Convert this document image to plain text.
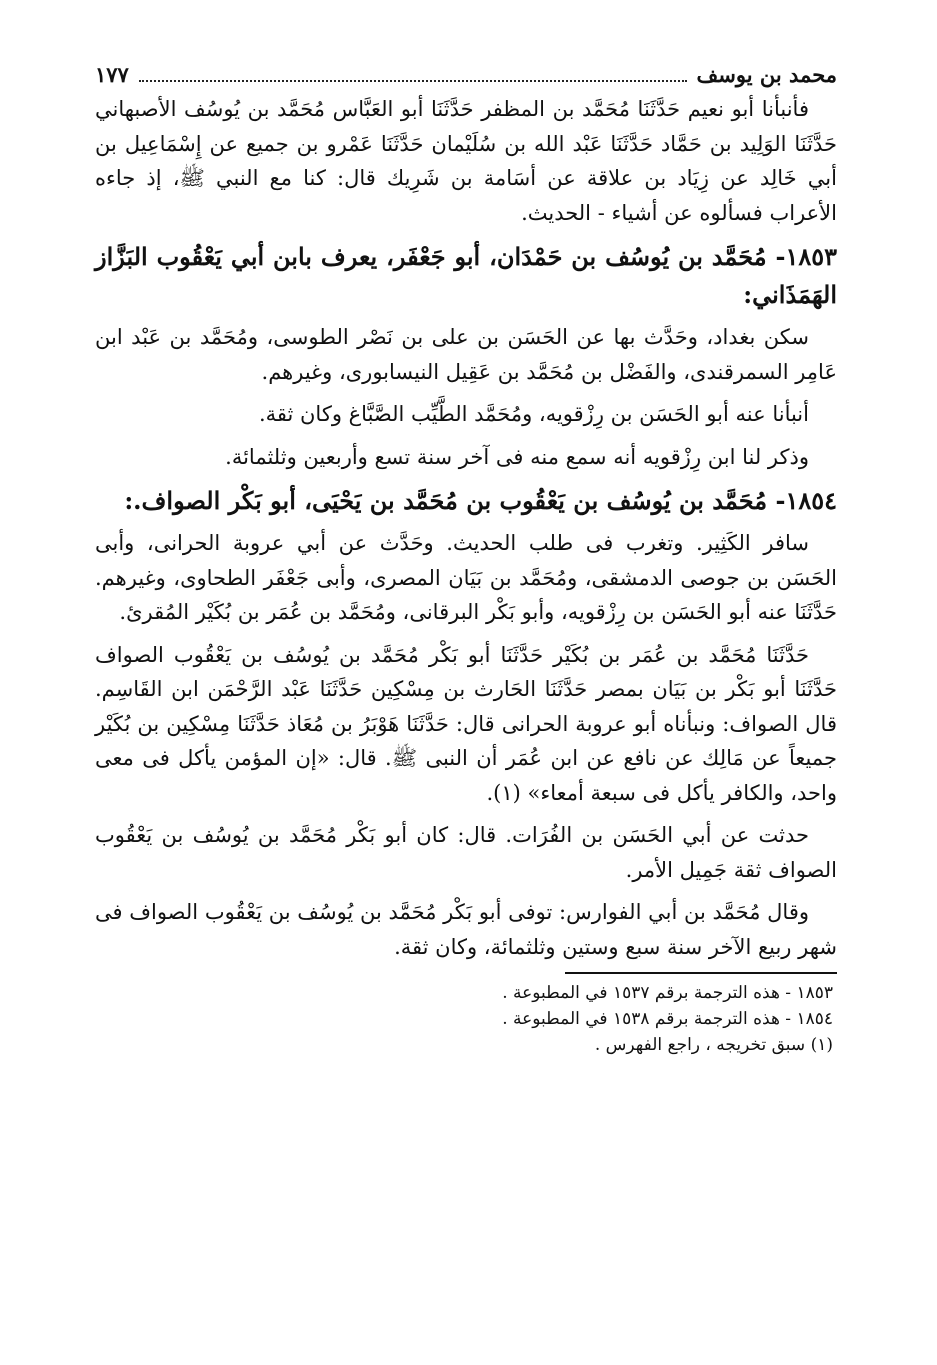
محمد بن يوسف
١٧٧

فأنبأنا أبو نعيم حَدَّثَنَا مُحَمَّد بن المظفر حَدَّثَنَا أبو العَبَّاس مُحَمَّد بن يُوسُف الأصبهاني حَدَّثَنَا الوَلِيد بن حَمَّاد حَدَّثَنَا عَبْد الله بن سُلَيْمان حَدَّثَنَا عَمْرو بن جميع عن إِسْمَاعِيل بن أبي خَالِد عن زِيَاد بن علاقة عن أسَامة بن شَرِيك قال: كنا مع النبي ﷺ، إذ جاءه الأعراب فسألوه عن أشياء - الحديث.

١٨٥٣- مُحَمَّد بن يُوسُف بن حَمْدَان، أبو جَعْفَر، يعرف بابن أبي يَعْقُوب البَزَّاز الهَمَذَاني:

سكن بغداد، وحَدَّث بها عن الحَسَن بن على بن نَصْر الطوسى، ومُحَمَّد بن عَبْد ابن عَامِر السمرقندى، والفَضْل بن مُحَمَّد بن عَقِيل النيسابورى، وغيرهم.

أنبأنا عنه أبو الحَسَن بن رِزْقويه، ومُحَمَّد الطَّيِّب الصَّبَّاغ وكان ثقة.

وذكر لنا ابن رِزْقويه أنه سمع منه فى آخر سنة تسع وأربعين وثلثمائة.

١٨٥٤- مُحَمَّد بن يُوسُف بن يَعْقُوب بن مُحَمَّد بن يَحْيَى، أبو بَكْر الصواف.:

سافر الكَثِير. وتغرب فى طلب الحديث. وحَدَّث عن أبي عروبة الحرانى، وأبى الحَسَن بن جوصى الدمشقى، ومُحَمَّد بن بَيَان المصرى، وأبى جَعْفَر الطحاوى، وغيرهم. حَدَّثَنَا عنه أبو الحَسَن بن رِزْقويه، وأبو بَكْر البرقانى، ومُحَمَّد بن عُمَر بن بُكَيْر المُقرئ.

حَدَّثَنَا مُحَمَّد بن عُمَر بن بُكَيْر حَدَّثَنَا أبو بَكْر مُحَمَّد بن يُوسُف بن يَعْقُوب الصواف حَدَّثَنَا أبو بَكْر بن بَيَان بمصر حَدَّثَنَا الحَارث بن مِسْكِين حَدَّثَنَا عَبْد الرَّحْمَن ابن القَاسِم. قال الصواف: ونبأناه أبو عروبة الحرانى قال: حَدَّثَنَا هَوْبَرُ بن مُعَاذ حَدَّثَنَا مِسْكِين بن بُكَيْر جميعاً عن مَالِك عن نافع عن ابن عُمَر أن النبى ﷺ. قال: «إن المؤمن يأكل فى معى واحد، والكافر يأكل فى سبعة أمعاء» (١).

حدثت عن أبي الحَسَن بن الفُرَات. قال: كان أبو بَكْر مُحَمَّد بن يُوسُف بن يَعْقُوب الصواف ثقة جَمِيل الأمر.

وقال مُحَمَّد بن أبي الفوارس: توفى أبو بَكْر مُحَمَّد بن يُوسُف بن يَعْقُوب الصواف فى شهر ربيع الآخر سنة سبع وستين وثلثمائة، وكان ثقة.

١٨٥٣ - هذه الترجمة برقم ١٥٣٧ في المطبوعة .

١٨٥٤ - هذه الترجمة برقم ١٥٣٨ في المطبوعة .

(١) سبق تخريجه ، راجع الفهرس .
